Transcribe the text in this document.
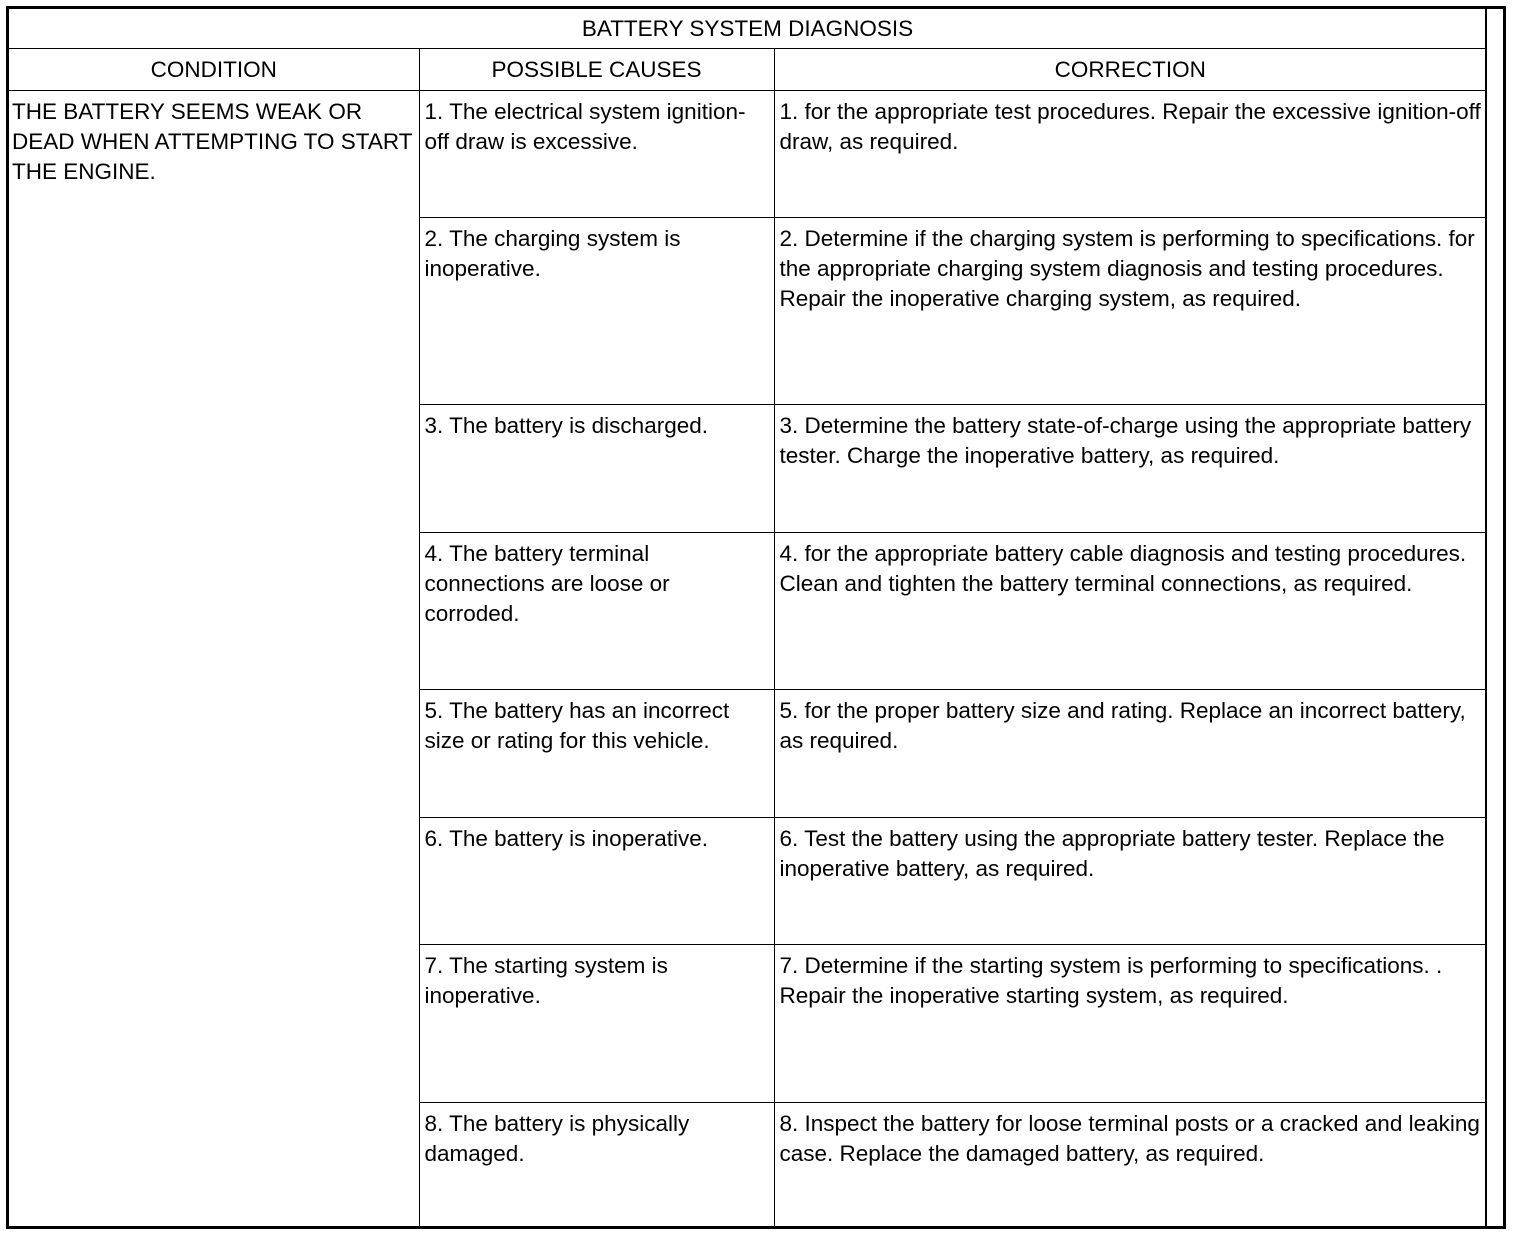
BATTERY SYSTEM DIAGNOSIS		
CONDITION	POSSIBLE CAUSES	CORRECTION
THE BATTERY SEEMS WEAK OR DEAD WHEN ATTEMPTING TO START THE ENGINE.	1. The electrical system ignition-off draw is excessive.	1. for the appropriate test procedures. Repair the excessive ignition-off draw, as required.
	2. The charging system is inoperative.	2. Determine if the charging system is performing to specifications. for the appropriate charging system diagnosis and testing procedures. Repair the inoperative charging system, as required.
	3. The battery is discharged.	3. Determine the battery state-of-charge using the appropriate battery tester. Charge the inoperative battery, as required.
	4. The battery terminal connections are loose or corroded.	4. for the appropriate battery cable diagnosis and testing procedures. Clean and tighten the battery terminal connections, as required.
	5. The battery has an incorrect size or rating for this vehicle.	5. for the proper battery size and rating. Replace an incorrect battery, as required.
	6. The battery is inoperative.	6. Test the battery using the appropriate battery tester. Replace the inoperative battery, as required.
	7. The starting system is inoperative.	7. Determine if the starting system is performing to specifications. . Repair the inoperative starting system, as required.
	8. The battery is physically damaged.	8. Inspect the battery for loose terminal posts or a cracked and leaking case. Replace the damaged battery, as required.
